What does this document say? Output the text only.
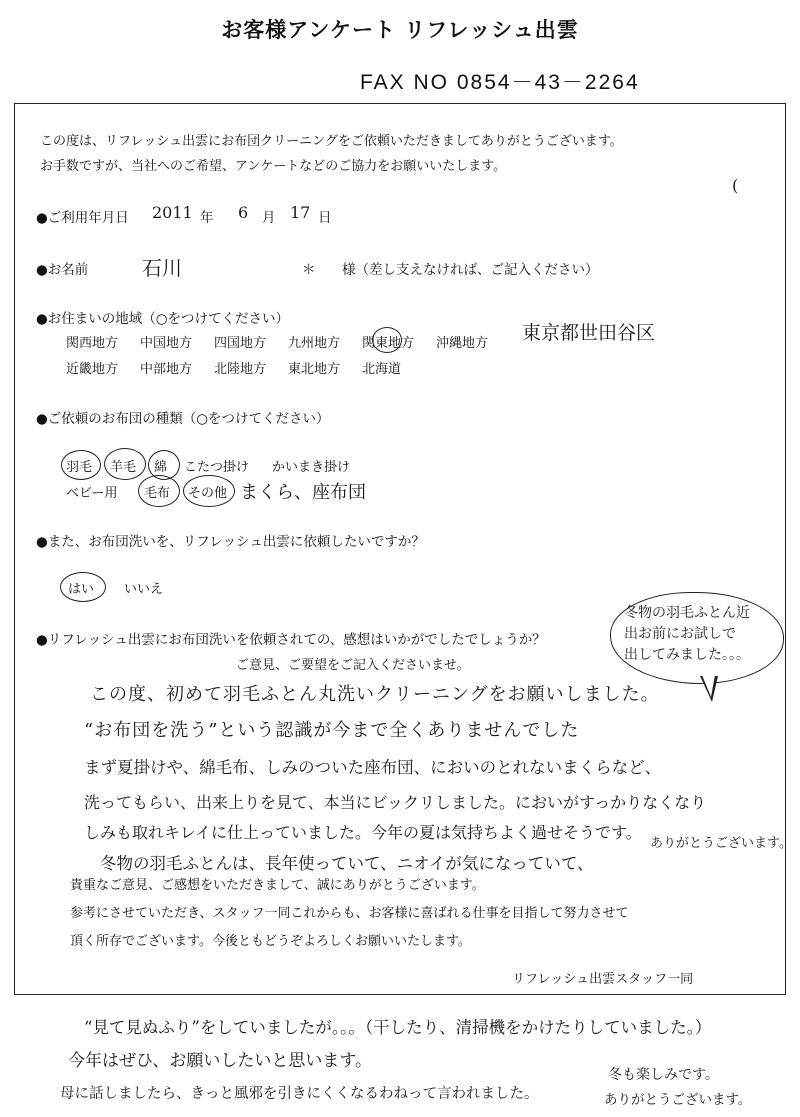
お客様アンケート リフレッシュ出雲
FAX NO 0854－43－2264
この度は、リフレッシュ出雲にお布団クリーニングをご依頼いただきましてありがとうございます。
お手数ですが、当社へのご希望、アンケートなどのご協力をお願いいたします。
(
●ご利用年月日 2011 年 6 月 17 日
●お名前	石川	＊ 様（差し支えなければ、ご記入ください）
●お住まいの地域（○をつけてください）
関西地方 中国地方 四国地方 九州地方 関東地方 沖縄地方
近畿地方 中部地方 北陸地方 東北地方 北海道
東京都世田谷区
●ご依頼のお布団の種類（○をつけてください）
羽毛 羊毛 綿 こたつ掛け かいまき掛け
ベビー用 毛布 その他 まくら、座布団
●また、お布団洗いを、リフレッシュ出雲に依頼したいですか？
はい いいえ
●リフレッシュ出雲にお布団洗いを依頼されての、感想はいかがでしたでしょうか？
ご意見、ご要望をご記入くださいませ。
冬物の羽毛ふとん近
出お前にお試しで
出してみました。。。
この度、初めて羽毛ふとん丸洗いクリーニングをお願いしました。
“お布団を洗う”という認識が今まで全くありませんでした
まず夏掛けや、綿毛布、しみのついた座布団、においのとれないまくらなど、
洗ってもらい、出来上りを見て、本当にビックリしました。においがすっかりなくなり
しみも取れキレイに仕上っていました。今年の夏は気持ちよく過せそうです。
冬物の羽毛ふとんは、長年使っていて、ニオイが気になっていて、
ありがとうございます。
貴重なご意見、ご感想をいただきまして、誠にありがとうございます。
参考にさせていただき、スタッフ一同これからも、お客様に喜ばれる仕事を目指して努力させて
頂く所存でございます。今後ともどうぞよろしくお願いいたします。
リフレッシュ出雲スタッフ一同
“見て見ぬふり”をしていましたが。。。（干したり、清掃機をかけたりしていました。）
今年はぜひ、お願いしたいと思います。
母に話しましたら、きっと風邪を引きにくくなるわねって言われました。
冬も楽しみです。
ありがとうございます。
